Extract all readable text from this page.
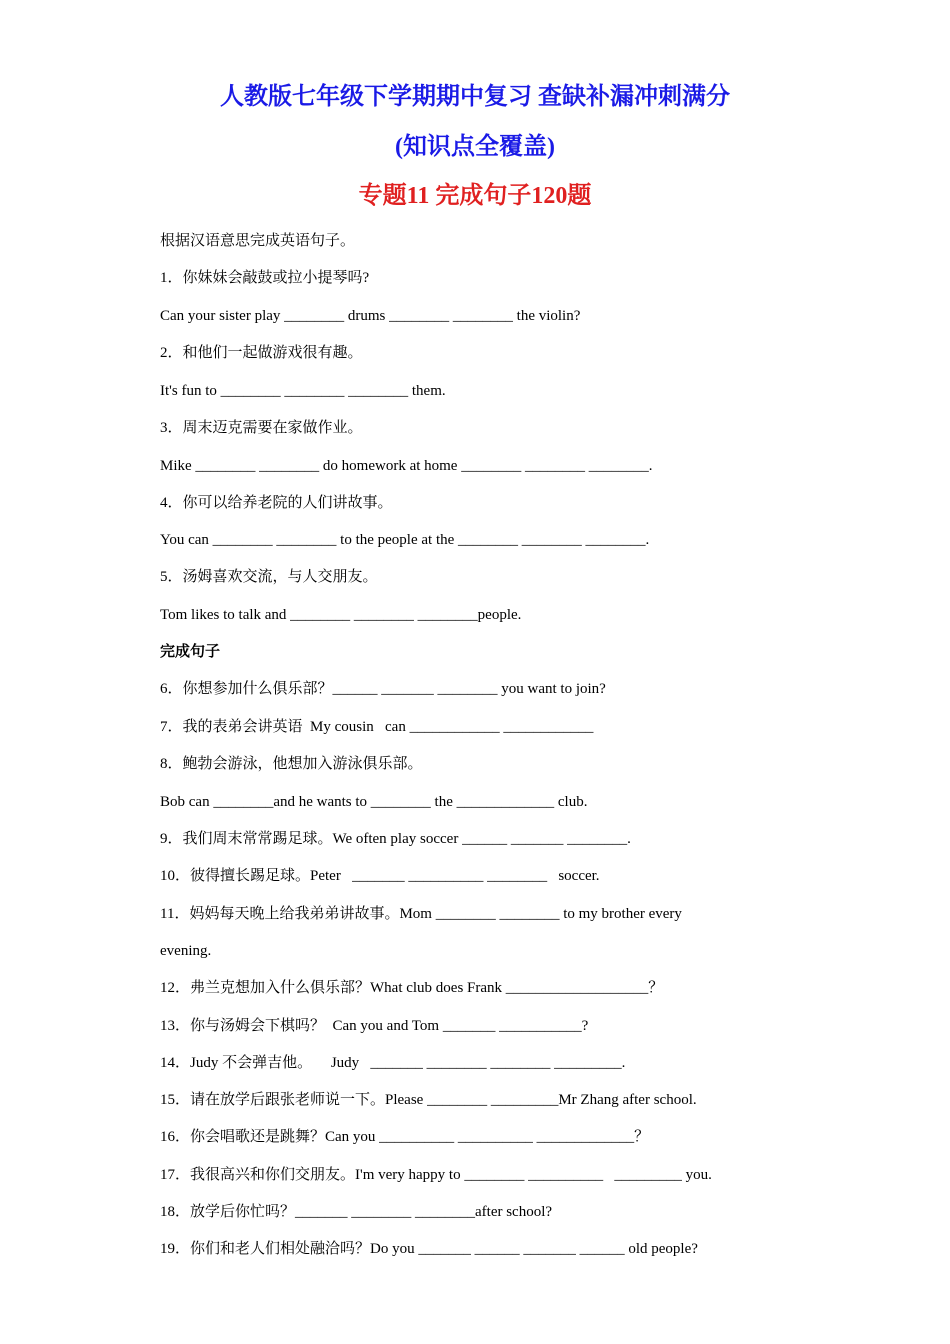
人教版七年级下学期期中复习 查缺补漏冲刺满分
(知识点全覆盖)
专题11 完成句子120题
根据汉语意思完成英语句子。
1．你妹妹会敲鼓或拉小提琴吗?
Can your sister play ________ drums ________ ________ the violin?
2．和他们一起做游戏很有趣。
It's fun to ________ ________ ________ them.
3．周末迈克需要在家做作业。
Mike ________ ________ do homework at home ________ ________ ________.
4．你可以给养老院的人们讲故事。
You can ________ ________ to the people at the ________ ________ ________.
5．汤姆喜欢交流，与人交朋友。
Tom likes to talk and ________ ________ ________people.
完成句子
6．你想参加什么俱乐部？______ _______ ________ you want to join?
7．我的表弟会讲英语  My cousin   can ____________ ____________
8．鲍勃会游泳，他想加入游泳俱乐部。
Bob can ________and he wants to ________ the _____________ club.
9．我们周末常常踢足球。We often play soccer ______ _______ ________.
10．彼得擅长踢足球。Peter   _______ __________ ________   soccer.
11．妈妈每天晚上给我弟弟讲故事。Mom ________ ________ to my brother every
evening.
12．弗兰克想加入什么俱乐部？What club does Frank ___________________？
13．你与汤姆会下棋吗？  Can you and Tom _______ ___________?
14．Judy 不会弹吉他。     Judy   _______ ________ ________ _________.
15．请在放学后跟张老师说一下。Please ________ _________Mr Zhang after school.
16．你会唱歌还是跳舞？Can you __________ __________ _____________？
17．我很高兴和你们交朋友。I'm very happy to ________ __________   _________ you.
18．放学后你忙吗？_______ ________ ________after school?
19．你们和老人们相处融洽吗？Do you _______ ______ _______ ______ old people?
